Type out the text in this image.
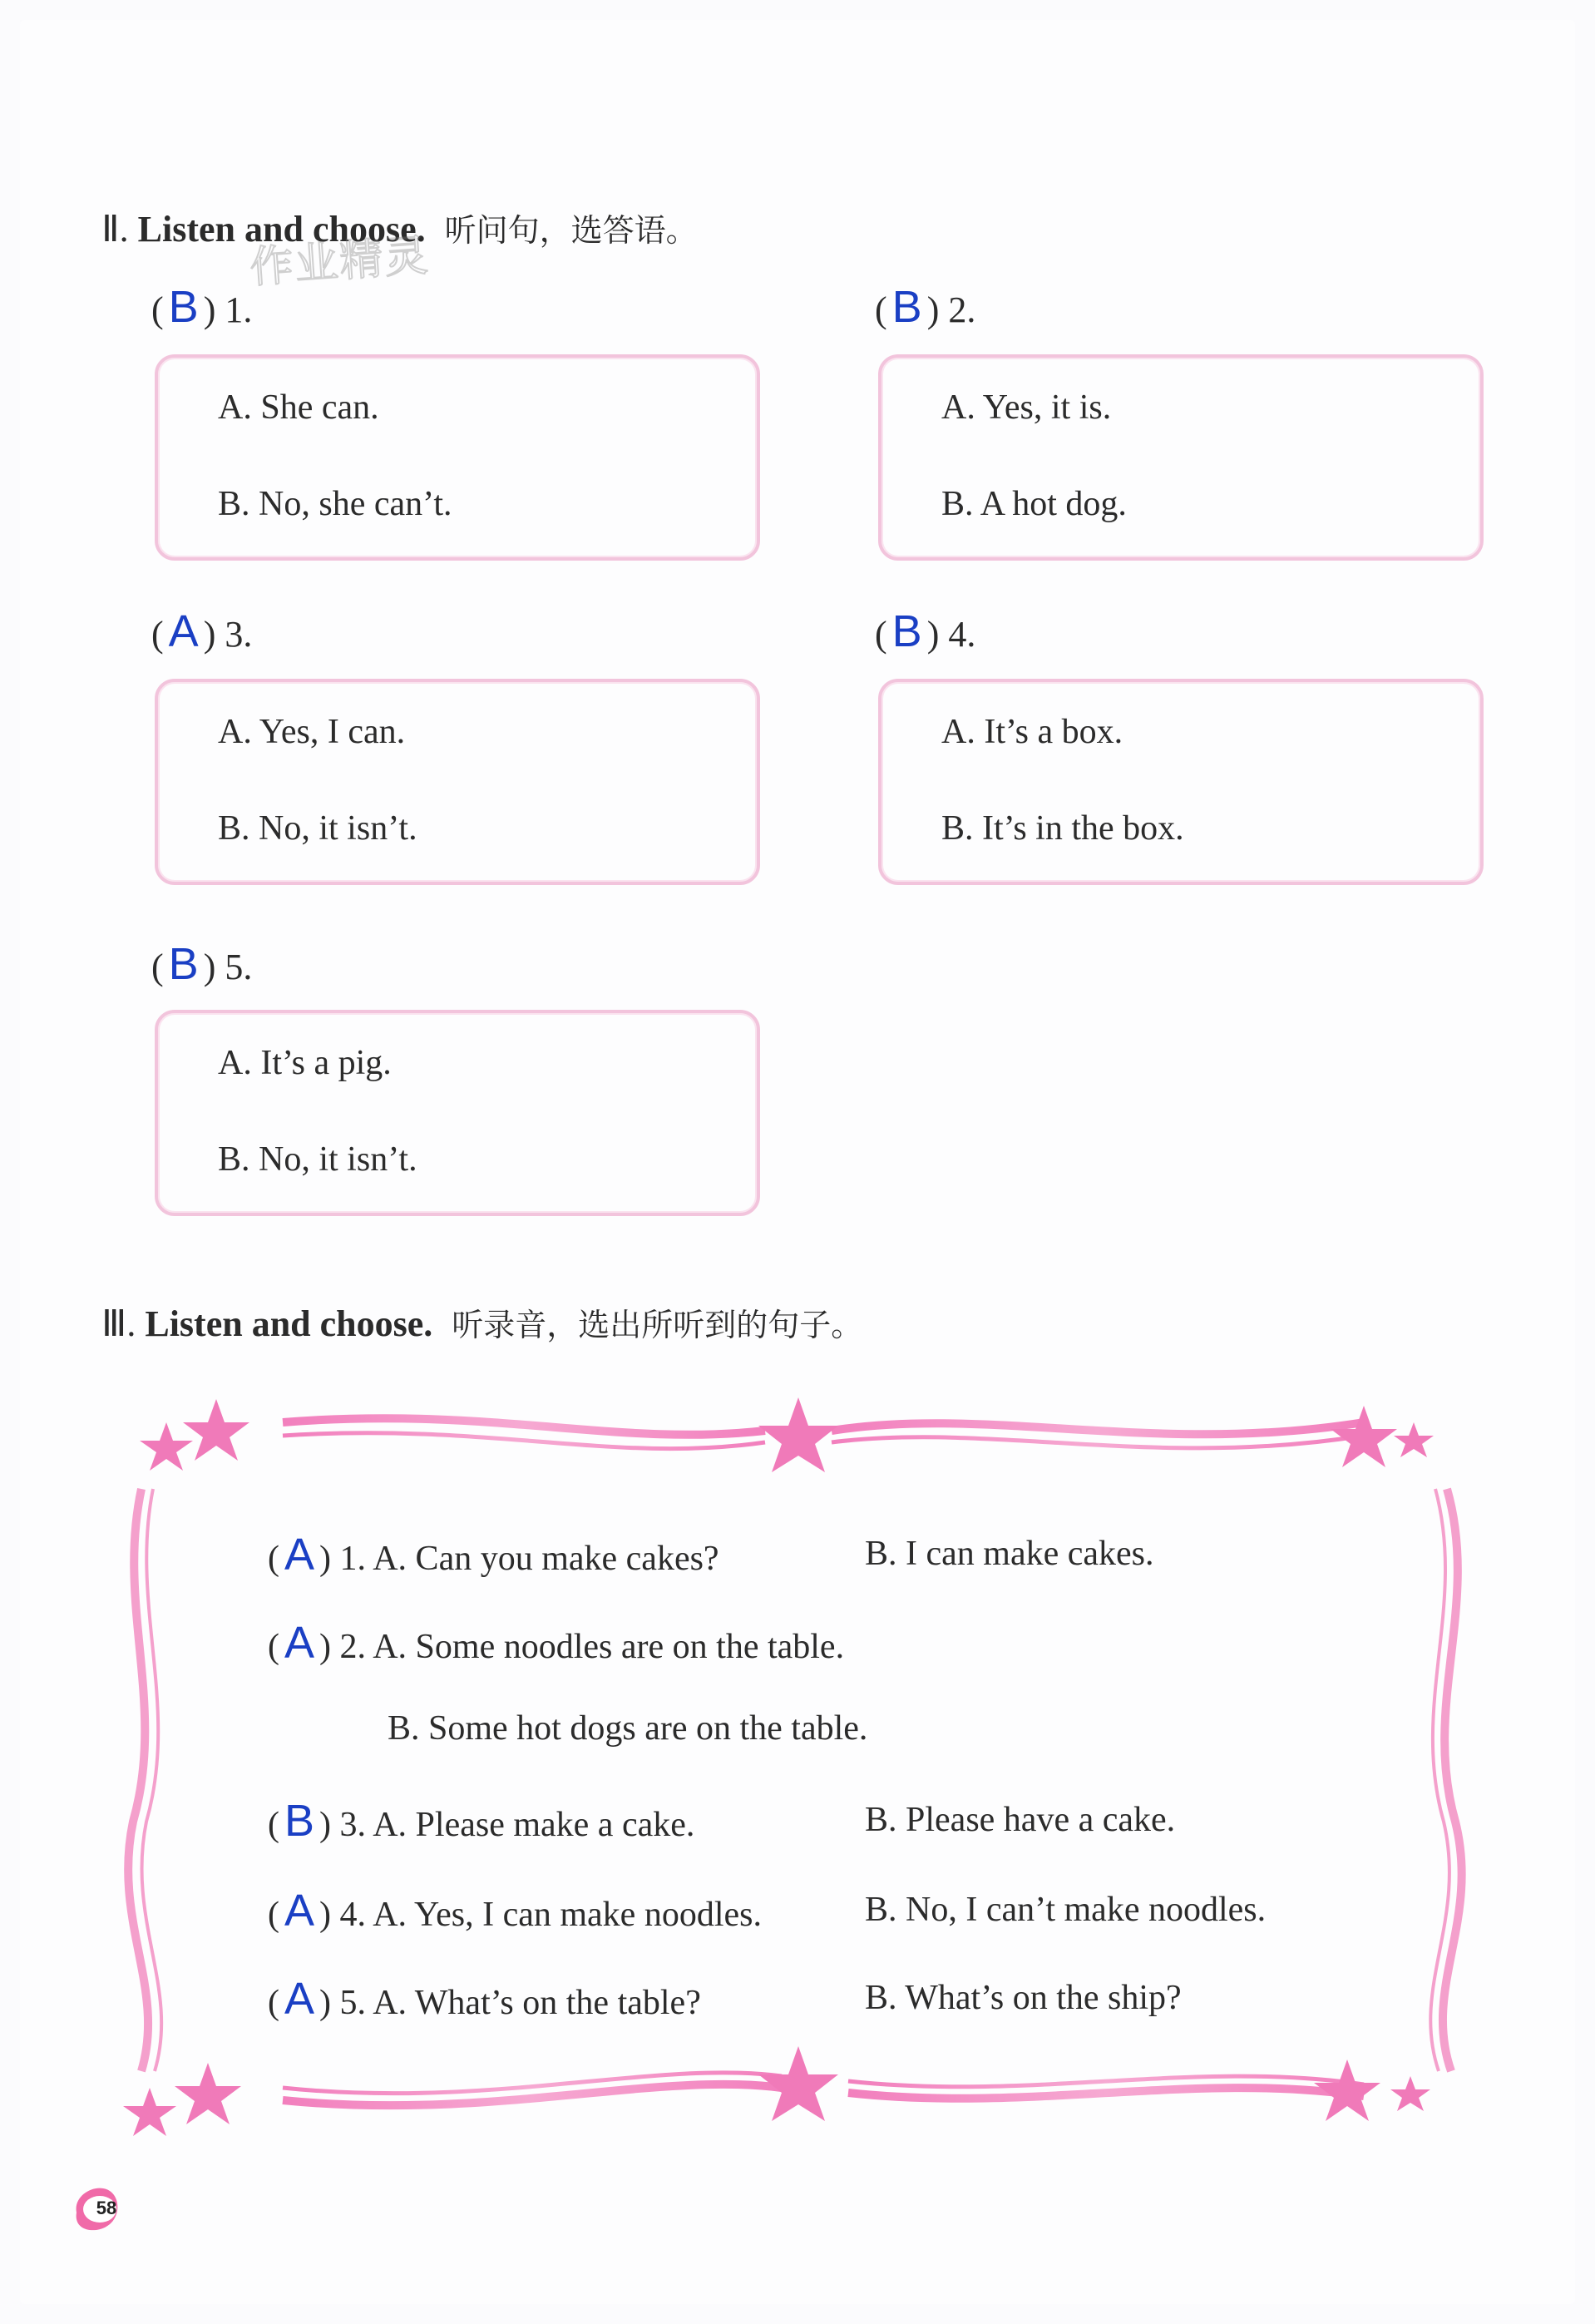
Ⅱ. Listen and choose. 听问句，选答语。
作业精灵
( B ) 1.
A. She can.
B. No, she can’t.
( B ) 2.
A. Yes, it is.
B. A hot dog.
( A ) 3.
A. Yes, I can.
B. No, it isn’t.
( B ) 4.
A. It’s a box.
B. It’s in the box.
( B ) 5.
A. It’s a pig.
B. No, it isn’t.
Ⅲ. Listen and choose. 听录音，选出所听到的句子。
( A ) 1. A. Can you make cakes?	B. I can make cakes.
( A ) 2. A. Some noodles are on the table.
B. Some hot dogs are on the table.
( B ) 3. A. Please make a cake.	B. Please have a cake.
( A ) 4. A. Yes, I can make noodles.	B. No, I can’t make noodles.
( A ) 5. A. What’s on the table?	B. What’s on the ship?
58
